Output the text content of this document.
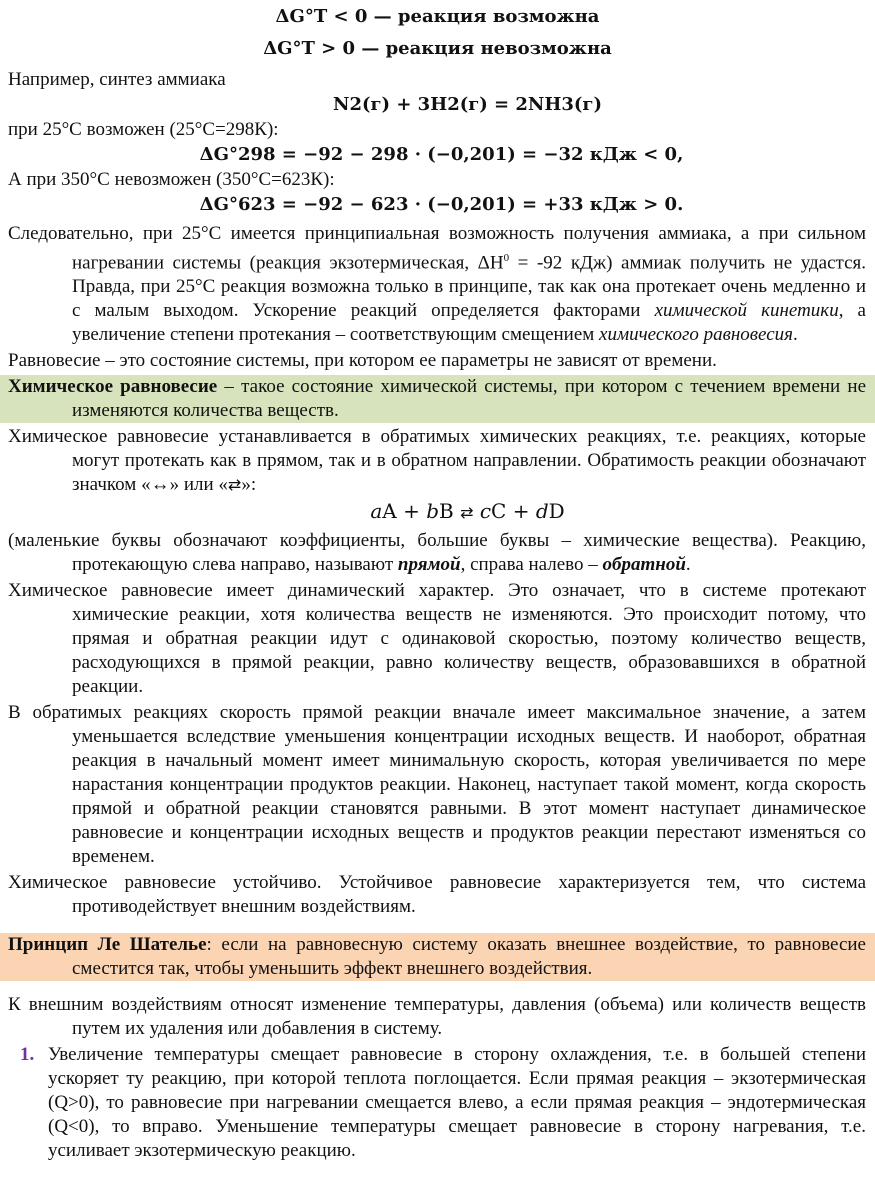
ΔG°T < 0 — реакция возможна
ΔG°T > 0 — реакция невозможна

Например, синтез аммиака

N2(г) + 3H2(г) = 2NH3(г)

при 25°С возможен (25°С=298К):

ΔG°298 = −92 − 298 · (−0,201) = −32 кДж < 0,

А при 350°С невозможен (350°С=623К):

ΔG°623 = −92 − 623 · (−0,201) = +33 кДж > 0.

Следовательно, при 25°С имеется принципиальная возможность получения аммиака, а при сильном нагревании системы (реакция экзотермическая, $\Delta H^0 = -92$ кДж) аммиак получить не удастся. Правда, при 25°С реакция возможна только в принципе, так как она протекает очень медленно и с малым выходом. Ускорение реакций определяется факторами химической кинетики, а увеличение степени протекания – соответствующим смещением химического равновесия.

Равновесие – это состояние системы, при котором ее параметры не зависят от времени.

Химическое равновесие – такое состояние химической системы, при котором с течением времени не изменяются количества веществ.

Химическое равновесие устанавливается в обратимых химических реакциях, т.е. реакциях, которые могут протекать как в прямом, так и в обратном направлении. Обратимость реакции обозначают значком «↔» или «⇄»:

aA + bB ⇄ cC + dD

(маленькие буквы обозначают коэффициенты, большие буквы – химические вещества). Реакцию, протекающую слева направо, называют прямой, справа налево – обратной.

Химическое равновесие имеет динамический характер. Это означает, что в системе протекают химические реакции, хотя количества веществ не изменяются. Это происходит потому, что прямая и обратная реакции идут с одинаковой скоростью, поэтому количество веществ, расходующихся в прямой реакции, равно количеству веществ, образовавшихся в обратной реакции.

В обратимых реакциях скорость прямой реакции вначале имеет максимальное значение, а затем уменьшается вследствие уменьшения концентрации исходных веществ. И наоборот, обратная реакция в начальный момент имеет минимальную скорость, которая увеличивается по мере нарастания концентрации продуктов реакции. Наконец, наступает такой момент, когда скорость прямой и обратной реакции становятся равными. В этот момент наступает динамическое равновесие и концентрации исходных веществ и продуктов реакции перестают изменяться со временем.

Химическое равновесие устойчиво. Устойчивое равновесие характеризуется тем, что система противодействует внешним воздействиям.

Принцип Ле Шателье: если на равновесную систему оказать внешнее воздействие, то равновесие сместится так, чтобы уменьшить эффект внешнего воздействия.

К внешним воздействиям относят изменение температуры, давления (объема) или количеств веществ путем их удаления или добавления в систему.

1. Увеличение температуры смещает равновесие в сторону охлаждения, т.е. в большей степени ускоряет ту реакцию, при которой теплота поглощается. Если прямая реакция – экзотермическая (Q>0), то равновесие при нагревании смещается влево, а если прямая реакция – эндотермическая (Q<0), то вправо. Уменьшение температуры смещает равновесие в сторону нагревания, т.е. усиливает экзотермическую реакцию.
